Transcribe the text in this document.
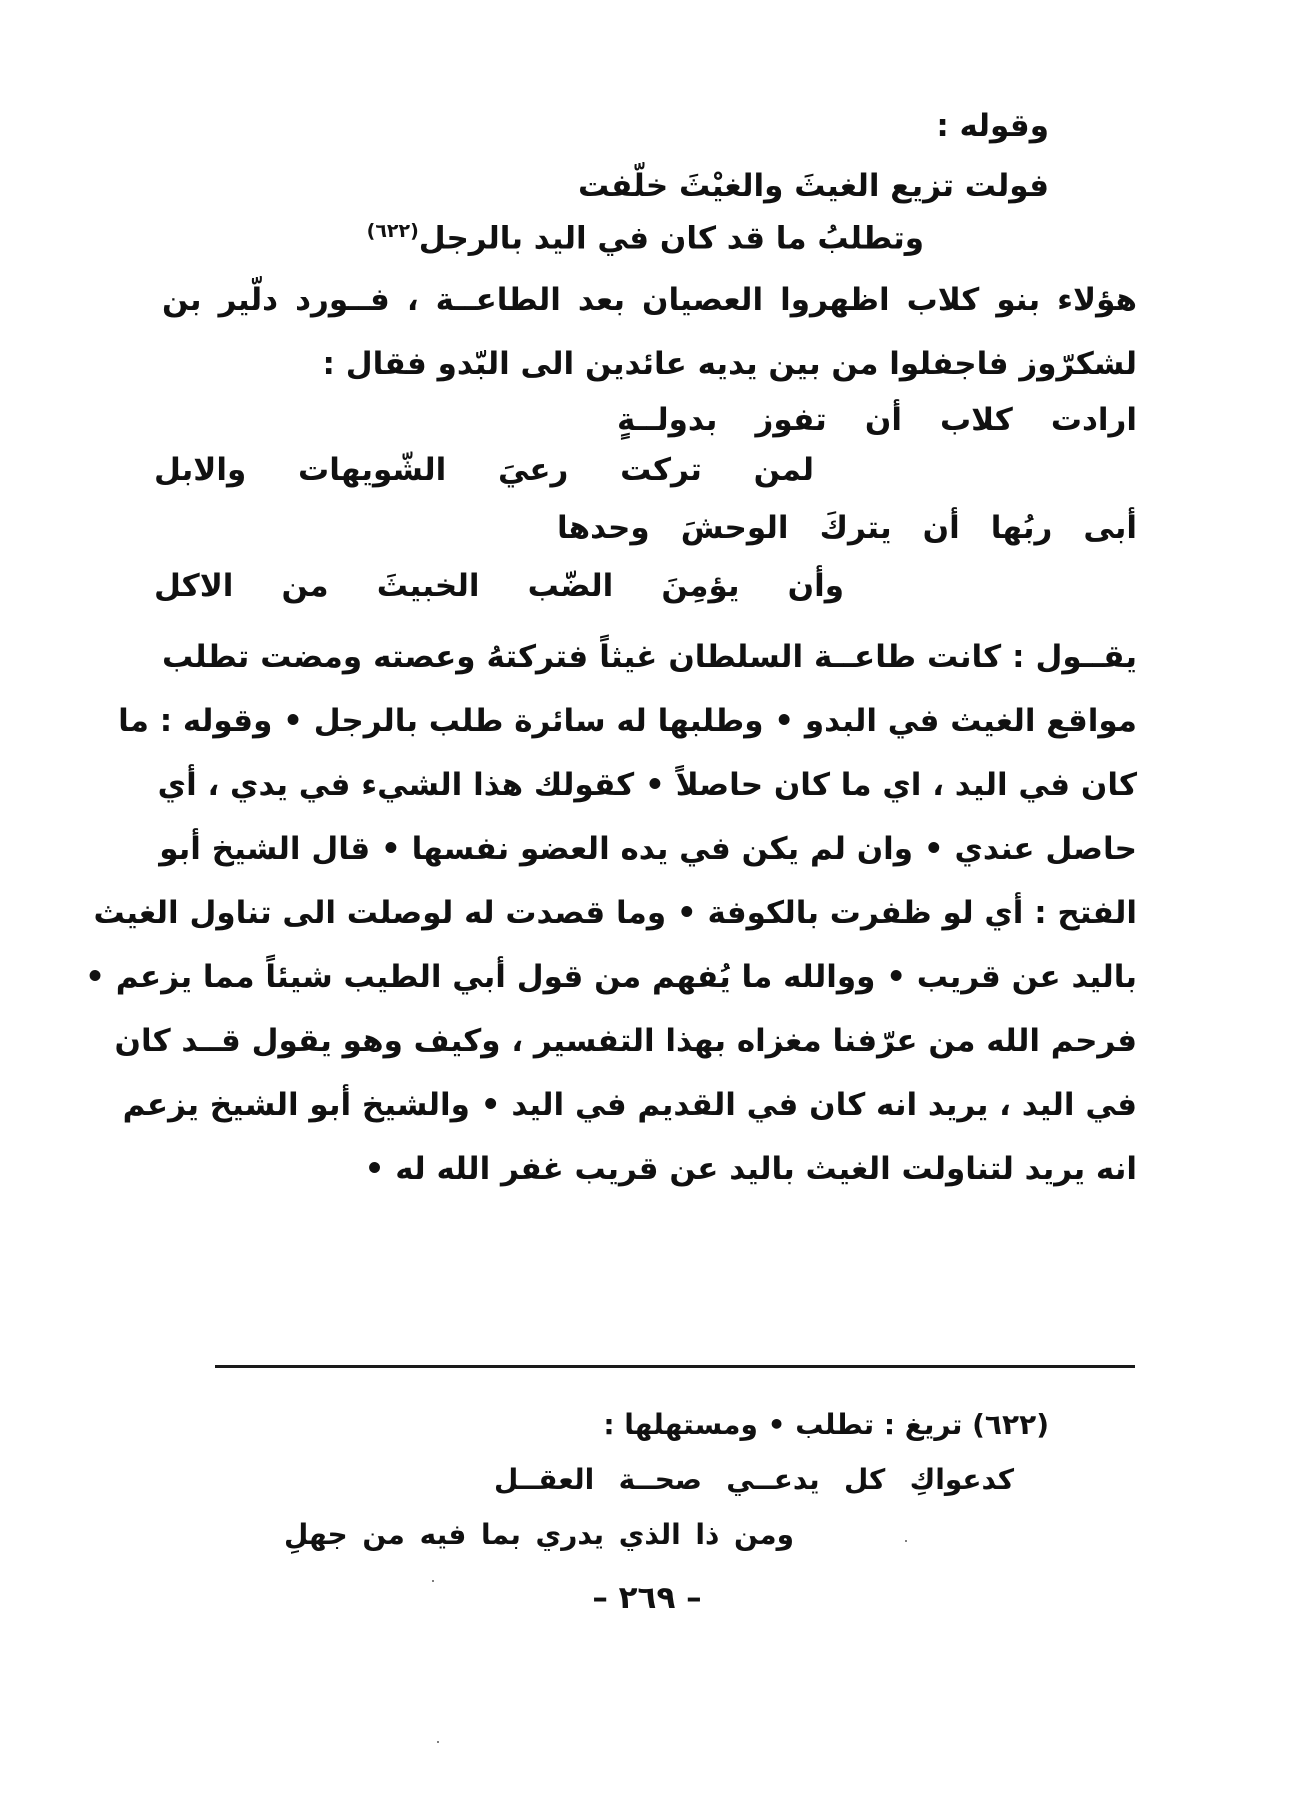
وقوله :
فولت تزيع الغيثَ والغيْثَ خلّفت
وتطلبُ ما قد كان في اليد بالرجل$^{(٦٢٢)}$
هؤلاء بنو كلاب اظهروا العصيان بعد الطاعــة ، فــورد دلّير بن
لشكرّوز فاجفلوا من بين يديه عائدين الى البّدو فقال :
ارادت كلاب أن تفوز بدولــةٍ
لمن تركت رعيَ الشّويهات والابل
أبى ربُها أن يتركَ الوحشَ وحدها
وأن يؤمِنَ الضّب الخبيثَ من الاكل
يقــول : كانت طاعــة السلطان غيثاً فتركتهُ وعصته ومضت تطلب
مواقع الغيث في البدو • وطلبها له سائرة طلب بالرجل • وقوله : ما
كان في اليد ، اي ما كان حاصلاً • كقولك هذا الشيء في يدي ، أي
حاصل عندي • وان لم يكن في يده العضو نفسها • قال الشيخ أبو
الفتح : أي لو ظفرت بالكوفة • وما قصدت له لوصلت الى تناول الغيث
باليد عن قريب • ووالله ما يُفهم من قول أبي الطيب شيئاً مما يزعم •
فرحم الله من عرّفنا مغزاه بهذا التفسير ، وكيف وهو يقول قــد كان
في اليد ، يريد انه كان في القديم في اليد • والشيخ أبو الشيخ يزعم
انه يريد لتناولت الغيث باليد عن قريب غفر الله له •
(٦٢٢) تريغ : تطلب • ومستهلها :
كدعواكِ كل يدعــي صحــة العقــل
ومن ذا الذي يدري بما فيه من جهلِ
– ٢٦٩ –
